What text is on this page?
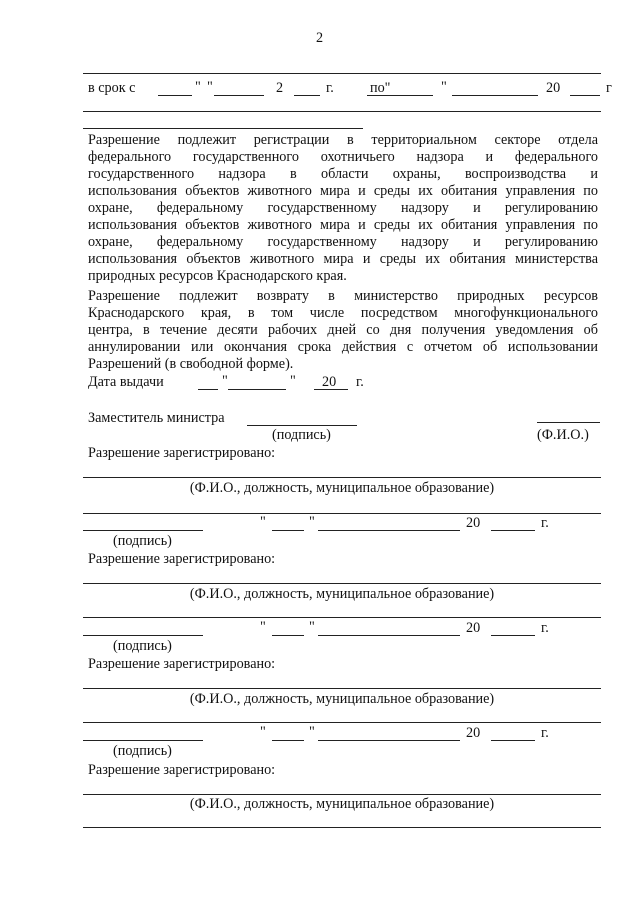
2
в срок с	" "	2	г.	по"	"	20	г
Разрешение подлежит регистрации в территориальном секторе отдела
федерального государственного охотничьего надзора и федерального
государственного надзора в области охраны, воспроизводства и
использования объектов животного мира и среды их обитания управления по
охране, федеральному государственному надзору и регулированию
использования объектов животного мира и среды их обитания управления по
охране, федеральному государственному надзору и регулированию
использования объектов животного мира и среды их обитания министерства
природных ресурсов Краснодарского края.
Разрешение подлежит возврату в министерство природных ресурсов
Краснодарского края, в том числе посредством многофункционального
центра, в течение десяти рабочих дней со дня получения уведомления об
аннулировании или окончания срока действия с отчетом об использовании
Разрешений (в свободной форме).
Дата выдачи	"	" 20 г.
Заместитель министра
(подпись)	(Ф.И.О.)
Разрешение зарегистрировано:
(Ф.И.О., должность, муниципальное образование)
"	"	20	г.
(подпись)
Разрешение зарегистрировано:
(Ф.И.О., должность, муниципальное образование)
"	"	20	г.
(подпись)
Разрешение зарегистрировано:
(Ф.И.О., должность, муниципальное образование)
"	"	20	г.
(подпись)
Разрешение зарегистрировано:
(Ф.И.О., должность, муниципальное образование)
